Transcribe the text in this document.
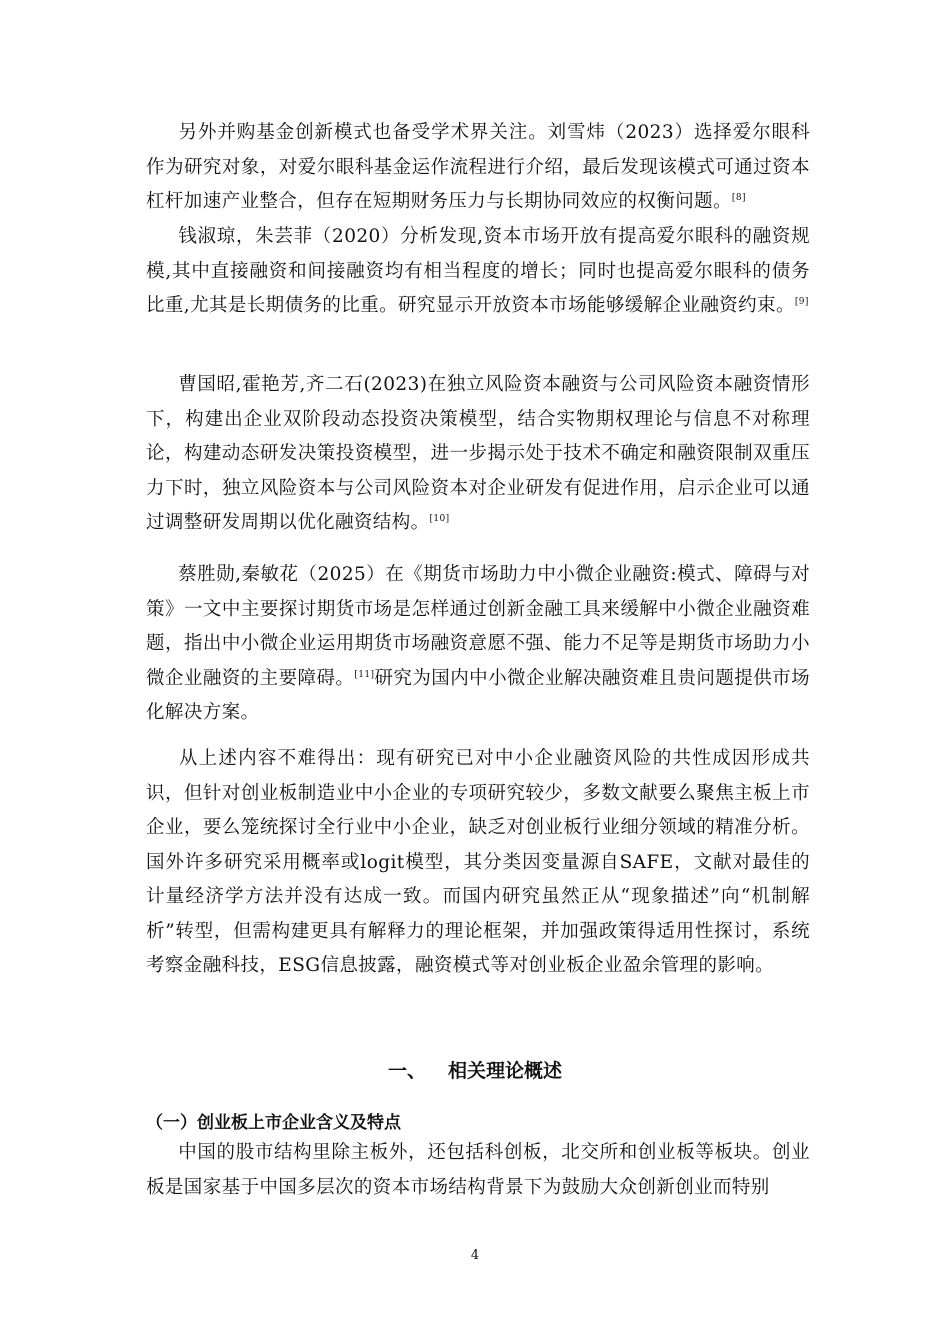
另外并购基金创新模式也备受学术界关注。刘雪炜（2023）选择爱尔眼科作为研究对象，对爱尔眼科基金运作流程进行介绍，最后发现该模式可通过资本杠杆加速产业整合，但存在短期财务压力与长期协同效应的权衡问题。[8]

钱淑琼，朱芸菲（2020）分析发现,资本市场开放有提高爱尔眼科的融资规模,其中直接融资和间接融资均有相当程度的增长；同时也提高爱尔眼科的债务比重,尤其是长期债务的比重。研究显示开放资本市场能够缓解企业融资约束。[9]

曹国昭,霍艳芳,齐二石(2023)在独立风险资本融资与公司风险资本融资情形下，构建出企业双阶段动态投资决策模型，结合实物期权理论与信息不对称理论，构建动态研发决策投资模型，进一步揭示处于技术不确定和融资限制双重压力下时，独立风险资本与公司风险资本对企业研发有促进作用，启示企业可以通过调整研发周期以优化融资结构。[10]

蔡胜勋,秦敏花（2025）在《期货市场助力中小微企业融资:模式、障碍与对策》一文中主要探讨期货市场是怎样通过创新金融工具来缓解中小微企业融资难题，指出中小微企业运用期货市场融资意愿不强、能力不足等是期货市场助力小微企业融资的主要障碍。[11]研究为国内中小微企业解决融资难且贵问题提供市场化解决方案。

从上述内容不难得出：现有研究已对中小企业融资风险的共性成因形成共识，但针对创业板制造业中小企业的专项研究较少，多数文献要么聚焦主板上市企业，要么笼统探讨全行业中小企业，缺乏对创业板行业细分领域的精准分析。国外许多研究采用概率或logit模型，其分类因变量源自SAFE，文献对最佳的计量经济学方法并没有达成一致。而国内研究虽然正从“现象描述”向“机制解析”转型，但需构建更具有解释力的理论框架，并加强政策得适用性探讨，系统考察金融科技，ESG信息披露，融资模式等对创业板企业盈余管理的影响。

一、 相关理论概述
（一）创业板上市企业含义及特点

中国的股市结构里除主板外，还包括科创板，北交所和创业板等板块。创业板是国家基于中国多层次的资本市场结构背景下为鼓励大众创新创业而特别

4
